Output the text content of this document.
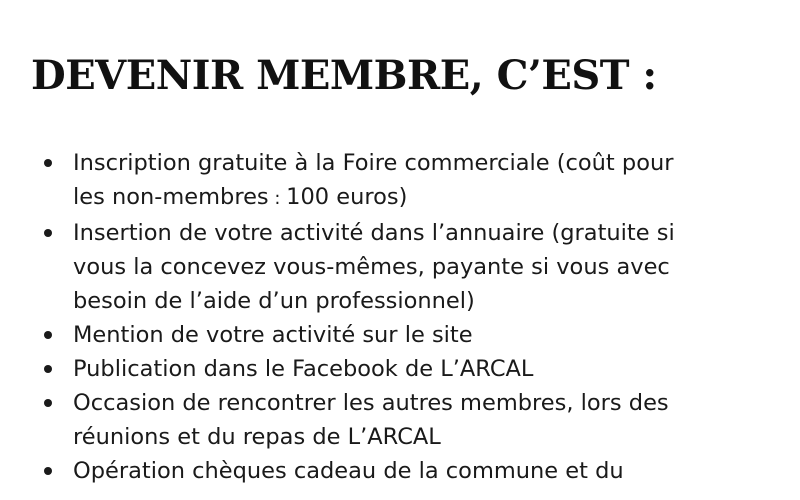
DEVENIR MEMBRE, C’EST :
Inscription gratuite à la Foire commerciale (coût pour
les non-membres : 100 euros)
Insertion de votre activité dans l’annuaire (gratuite si
vous la concevez vous-mêmes, payante si vous avec
besoin de l’aide d’un professionnel)
Mention de votre activité sur le site
Publication dans le Facebook de L’ARCAL
Occasion de rencontrer les autres membres, lors des
réunions et du repas de L’ARCAL
Opération chèques cadeau de la commune et du
